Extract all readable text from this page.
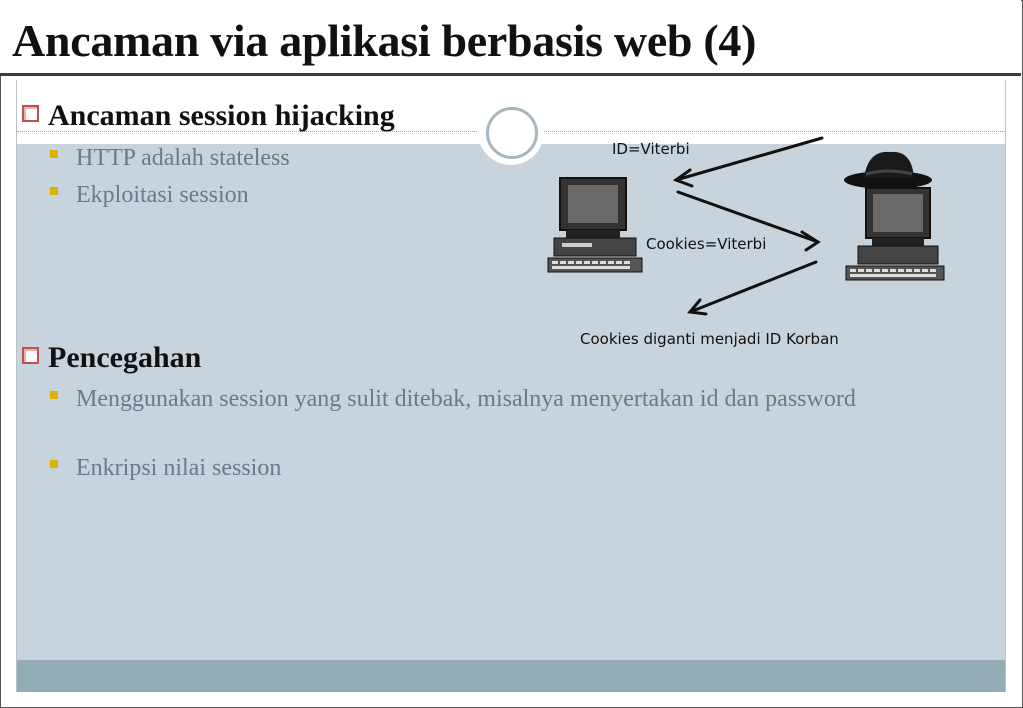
Ancaman via aplikasi berbasis web (4)
Ancaman session hijacking
HTTP adalah stateless
Ekploitasi session
Pencegahan
Menggunakan session yang sulit ditebak, misalnya menyertakan id dan password
Enkripsi nilai session
ID=Viterbi
Cookies=Viterbi
Cookies diganti menjadi ID Korban
